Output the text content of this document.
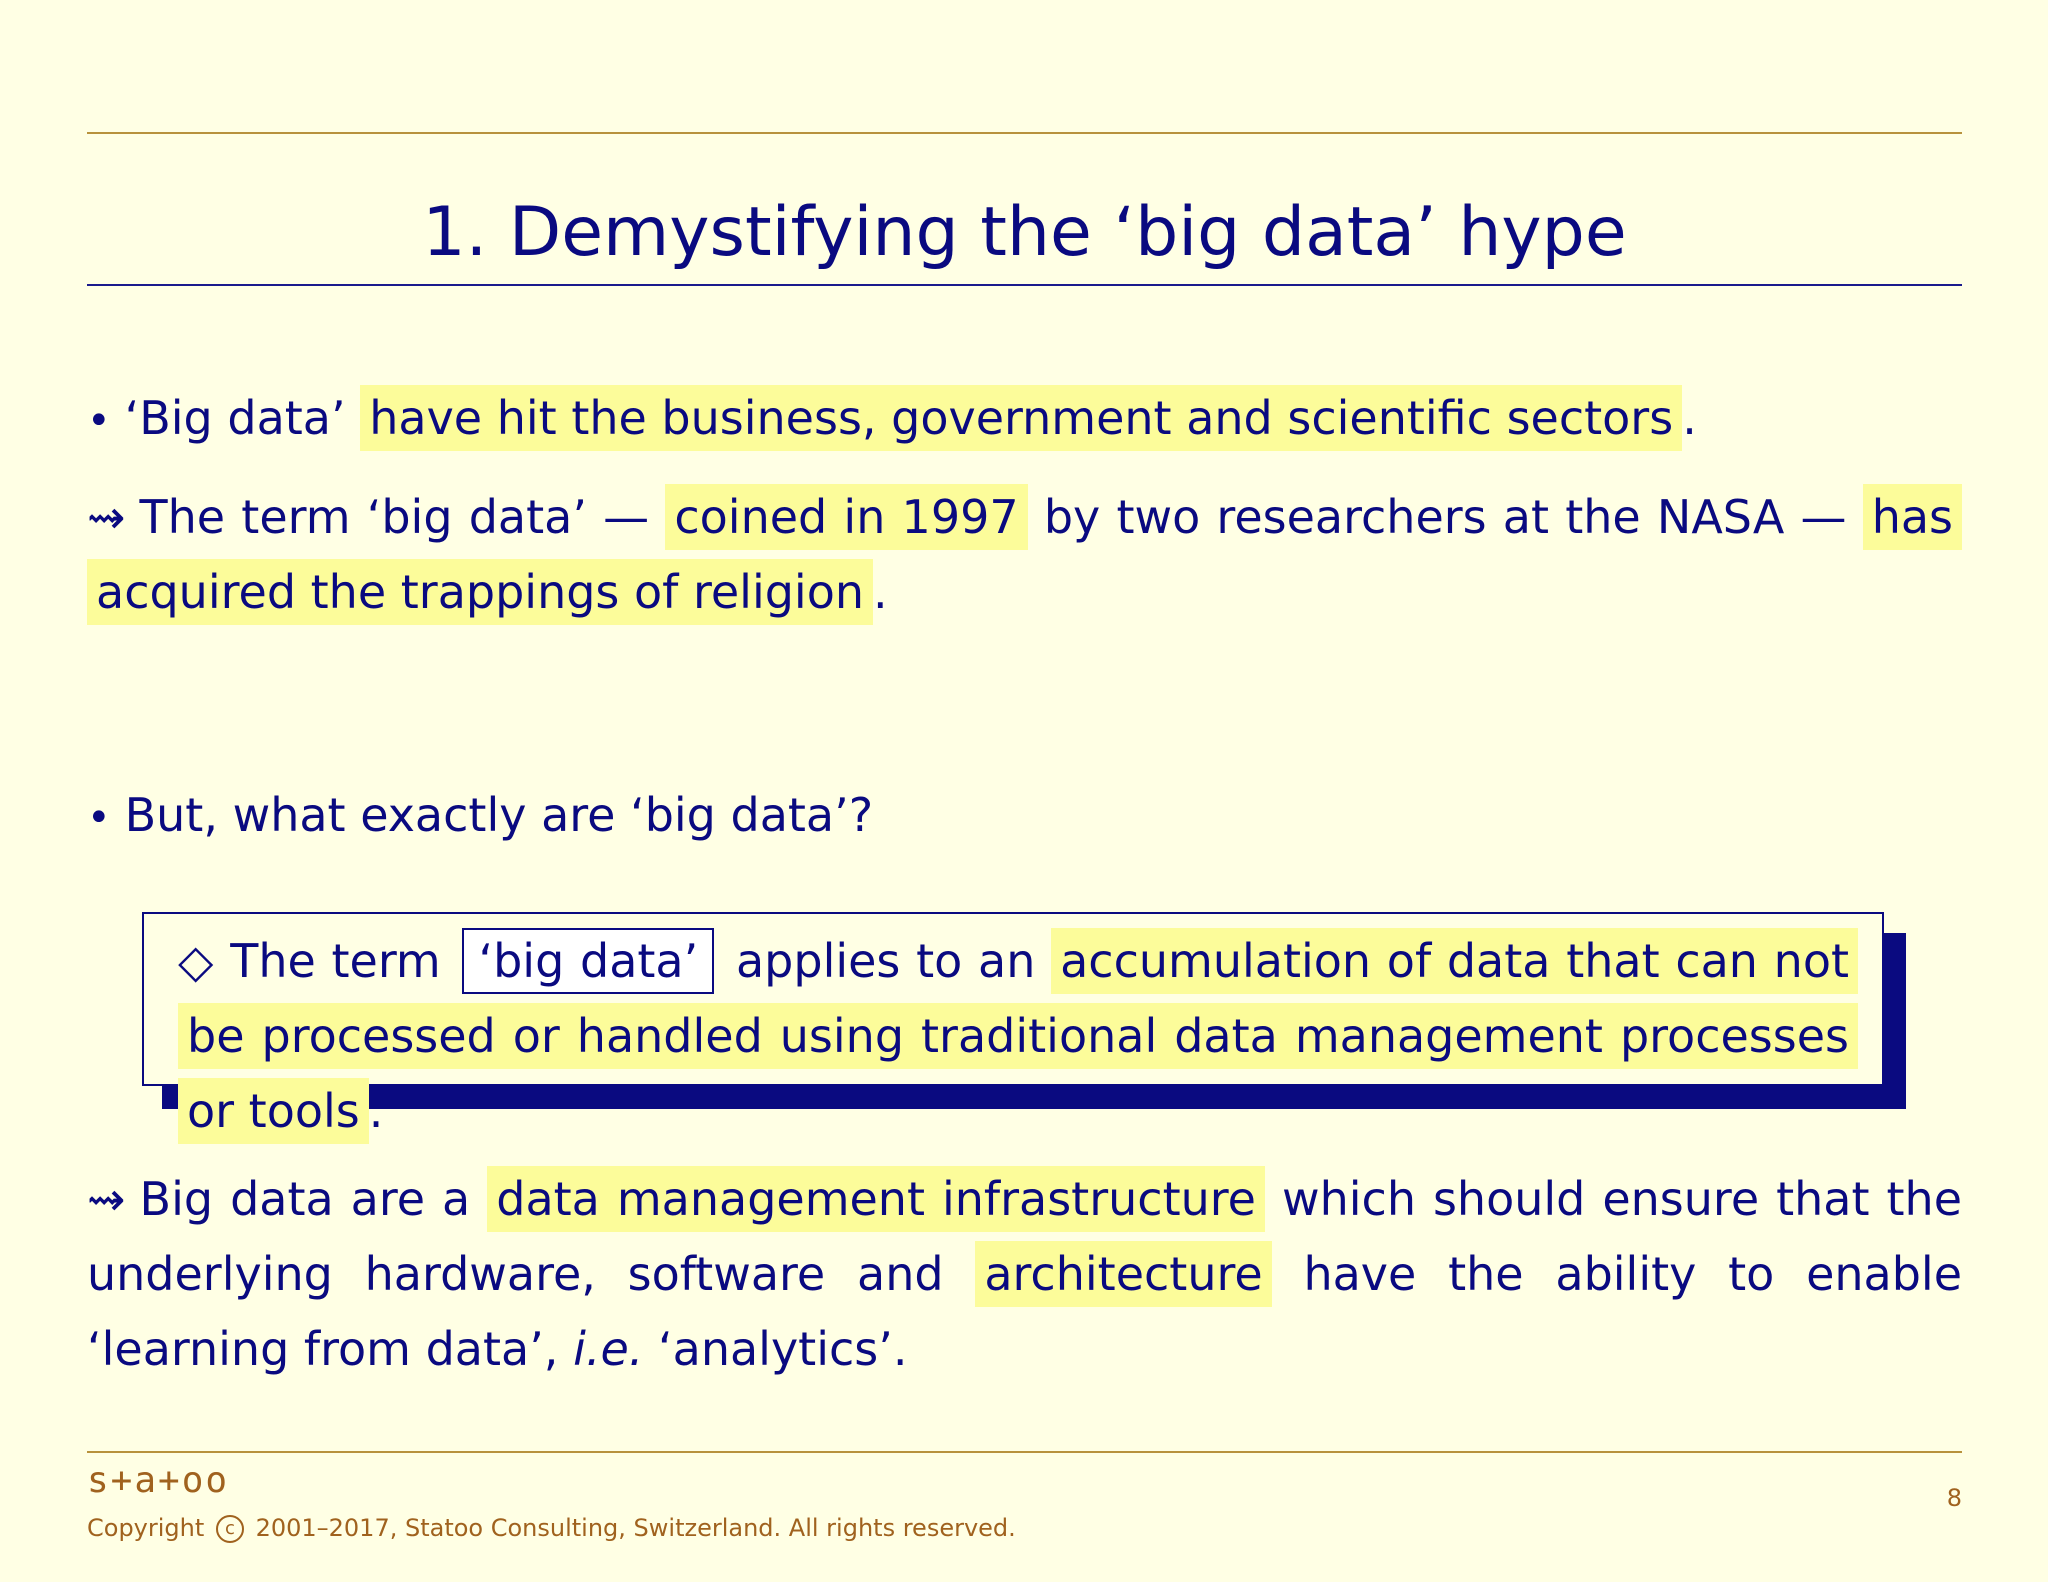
1. Demystifying the ‘big data’ hype
• ‘Big data’ have hit the business, government and scientific sectors .
⇝ The term ‘big data’ — coined in 1997 by two researchers at the NASA — has acquired the trappings of religion .
• But, what exactly are ‘big data’?
◇ The term ‘big data’ applies to an accumulation of data that can not be processed or handled using traditional data management processes or tools .
⇝ Big data are a data management infrastructure which should ensure that the underlying hardware, software and architecture have the ability to enable ‘learning from data’, i.e. ‘analytics’.
s+a+oo
Copyright c 2001–2017, Statoo Consulting, Switzerland. All rights reserved.
8
